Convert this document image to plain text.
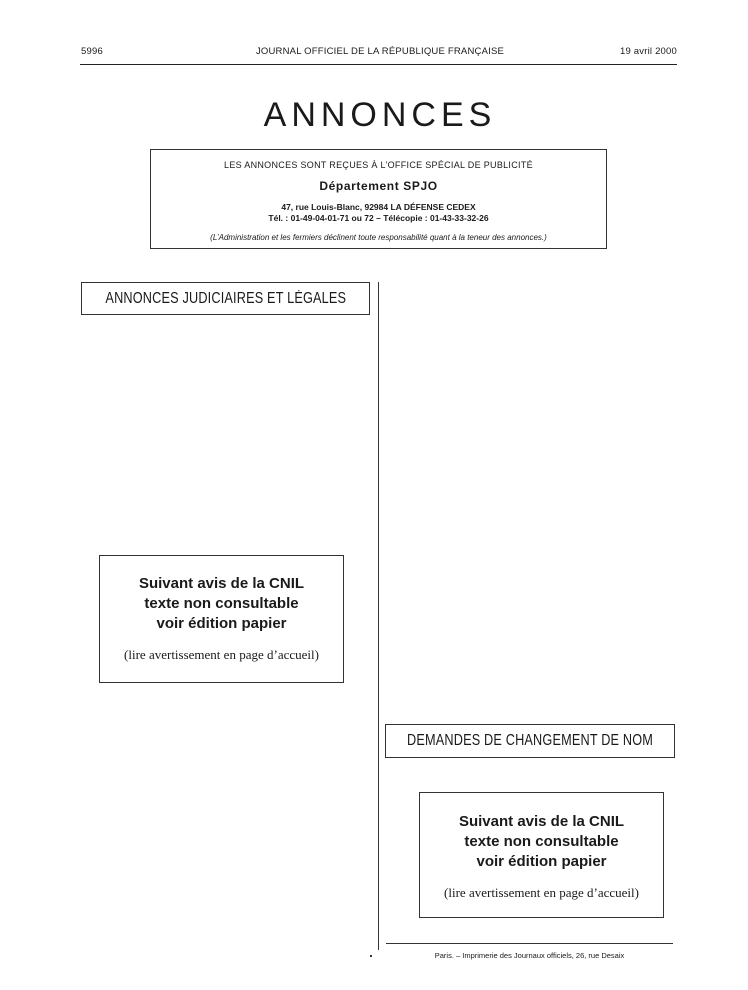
5996	JOURNAL OFFICIEL DE LA RÉPUBLIQUE FRANÇAISE	19 avril 2000
ANNONCES
LES ANNONCES SONT REÇUES À L’OFFICE SPÉCIAL DE PUBLICITÉ
Département SPJO
47, rue Louis-Blanc, 92984 LA DÉFENSE CEDEX
Tél. : 01-49-04-01-71 ou 72 – Télécopie : 01-43-33-32-26
(L’Administration et les fermiers déclinent toute responsabilité quant à la teneur des annonces.)
ANNONCES JUDICIAIRES ET LÉGALES
Suivant avis de la CNIL
texte non consultable
voir édition papier
(lire avertissement en page d’accueil)
DEMANDES DE CHANGEMENT DE NOM
Suivant avis de la CNIL
texte non consultable
voir édition papier
(lire avertissement en page d’accueil)
Paris. – Imprimerie des Journaux officiels, 26, rue Desaix
